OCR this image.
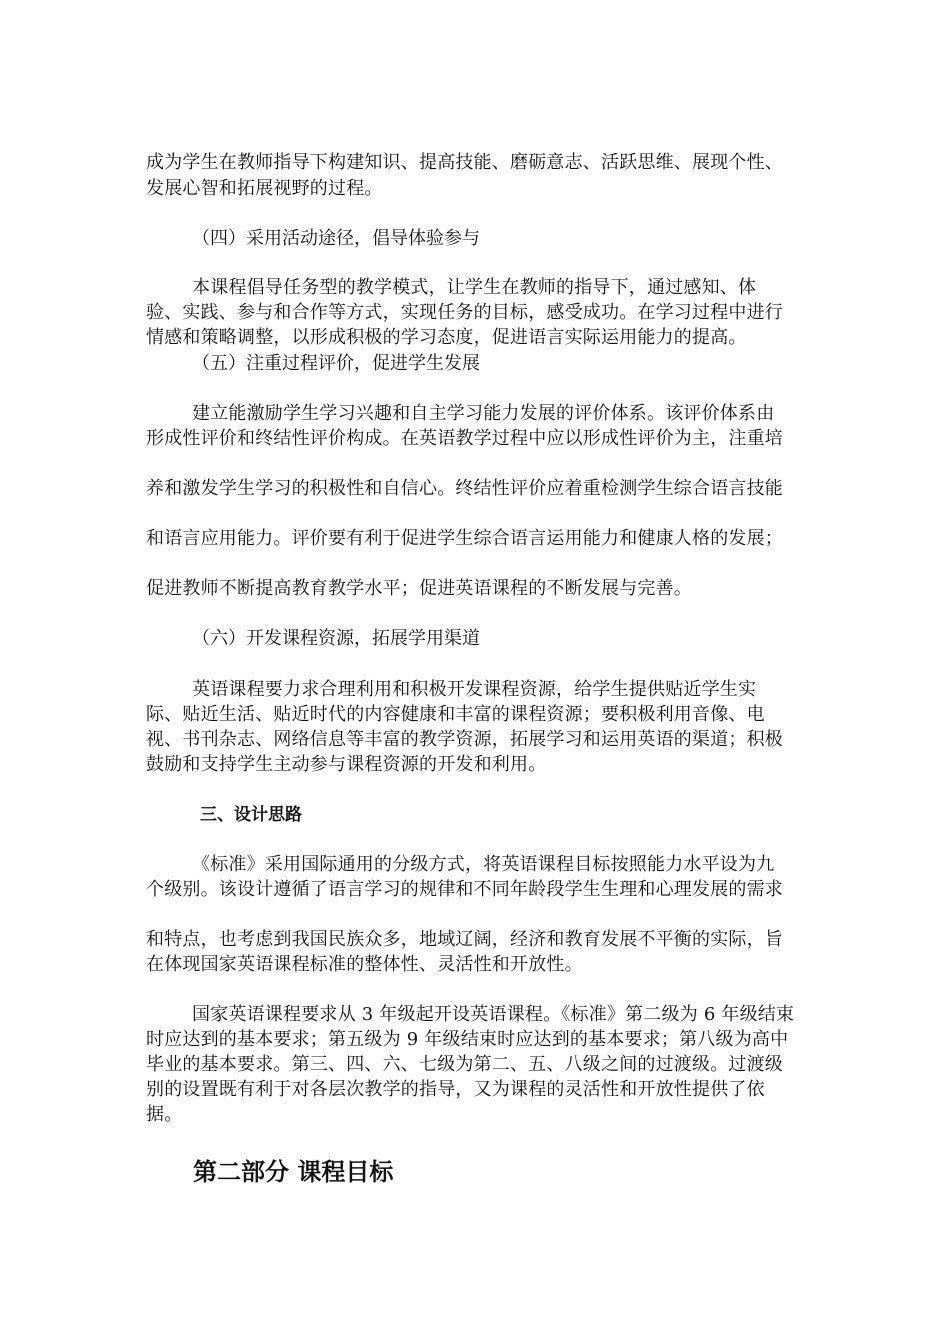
成为学生在教师指导下构建知识、提高技能、磨砺意志、活跃思维、展现个性、
发展心智和拓展视野的过程。
（四）采用活动途径，倡导体验参与
本课程倡导任务型的教学模式，让学生在教师的指导下，通过感知、体
验、实践、参与和合作等方式，实现任务的目标，感受成功。在学习过程中进行
情感和策略调整，以形成积极的学习态度，促进语言实际运用能力的提高。
（五）注重过程评价，促进学生发展
建立能激励学生学习兴趣和自主学习能力发展的评价体系。该评价体系由
形成性评价和终结性评价构成。在英语教学过程中应以形成性评价为主，注重培
养和激发学生学习的积极性和自信心。终结性评价应着重检测学生综合语言技能
和语言应用能力。评价要有利于促进学生综合语言运用能力和健康人格的发展；
促进教师不断提高教育教学水平；促进英语课程的不断发展与完善。
（六）开发课程资源，拓展学用渠道
英语课程要力求合理利用和积极开发课程资源，给学生提供贴近学生实
际、贴近生活、贴近时代的内容健康和丰富的课程资源；要积极利用音像、电
视、书刊杂志、网络信息等丰富的教学资源，拓展学习和运用英语的渠道；积极
鼓励和支持学生主动参与课程资源的开发和利用。
三、设计思路
《标准》采用国际通用的分级方式，将英语课程目标按照能力水平设为九
个级别。该设计遵循了语言学习的规律和不同年龄段学生生理和心理发展的需求
和特点，也考虑到我国民族众多，地域辽阔，经济和教育发展不平衡的实际，旨
在体现国家英语课程标准的整体性、灵活性和开放性。
国家英语课程要求从 3 年级起开设英语课程。《标准》第二级为 6 年级结束
时应达到的基本要求；第五级为 9 年级结束时应达到的基本要求；第八级为高中
毕业的基本要求。第三、四、六、七级为第二、五、八级之间的过渡级。过渡级
别的设置既有利于对各层次教学的指导，又为课程的灵活性和开放性提供了依
据。
第二部分 课程目标
